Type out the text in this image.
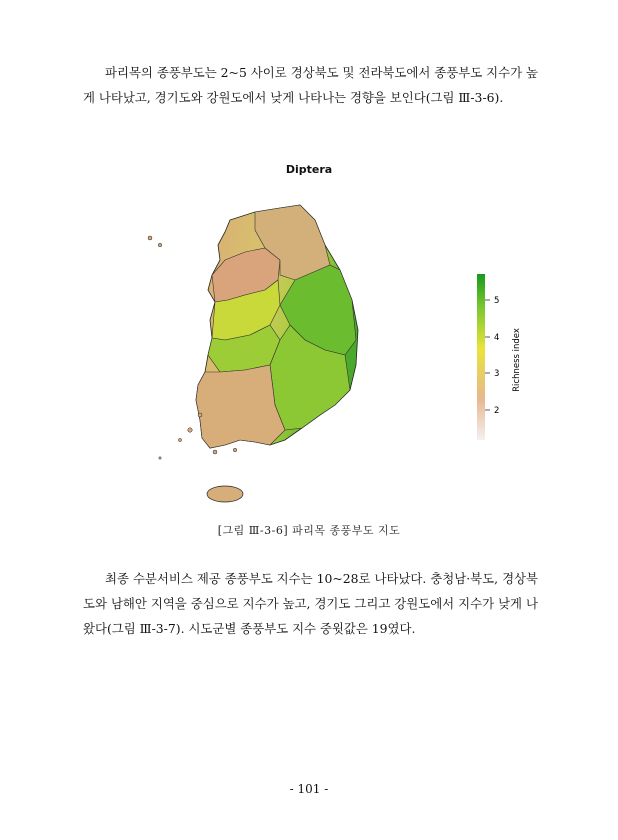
파리목의 종풍부도는 2~5 사이로 경상북도 및 전라북도에서 종풍부도 지수가 높게 나타났고, 경기도와 강원도에서 낮게 나타나는 경향을 보인다(그림 Ⅲ-3-6).

Diptera
2
3
4
5
Richness index
[그림 Ⅲ-3-6] 파리목 종풍부도 지도

최종 수분서비스 제공 종풍부도 지수는 10~28로 나타났다. 충청남·북도, 경상북도와 남해안 지역을 중심으로 지수가 높고, 경기도 그리고 강원도에서 지수가 낮게 나왔다(그림 Ⅲ-3-7). 시도군별 종풍부도 지수 중윗값은 19였다.

- 101 -
